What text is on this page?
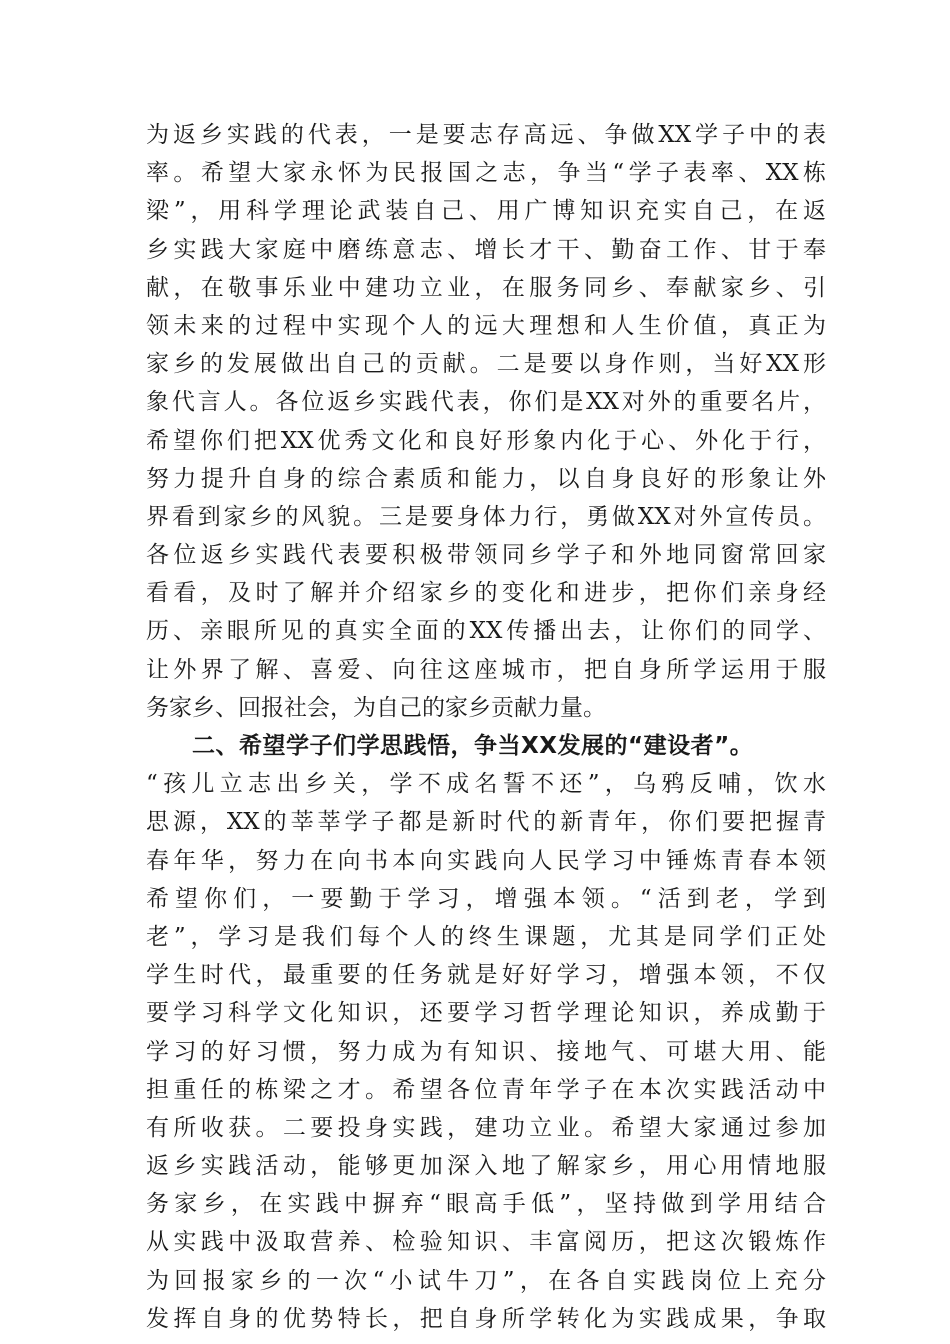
为返乡实践的代表，一是要志存高远、争做XX学子中的表
率。希望大家永怀为民报国之志，争当“学子表率、XX栋
梁”，用科学理论武装自己、用广博知识充实自己，在返
乡实践大家庭中磨练意志、增长才干、勤奋工作、甘于奉
献，在敬事乐业中建功立业，在服务同乡、奉献家乡、引
领未来的过程中实现个人的远大理想和人生价值，真正为
家乡的发展做出自己的贡献。二是要以身作则，当好XX形
象代言人。各位返乡实践代表，你们是XX对外的重要名片，
希望你们把XX优秀文化和良好形象内化于心、外化于行，
努力提升自身的综合素质和能力，以自身良好的形象让外
界看到家乡的风貌。三是要身体力行，勇做XX对外宣传员。
各位返乡实践代表要积极带领同乡学子和外地同窗常回家
看看，及时了解并介绍家乡的变化和进步，把你们亲身经
历、亲眼所见的真实全面的XX传播出去，让你们的同学、
让外界了解、喜爱、向往这座城市，把自身所学运用于服
务家乡、回报社会，为自己的家乡贡献力量。
二、希望学子们学思践悟，争当XX发展的“建设者”。
“孩儿立志出乡关，学不成名誓不还”，乌鸦反哺，饮水
思源，XX的莘莘学子都是新时代的新青年，你们要把握青
春年华，努力在向书本向实践向人民学习中锤炼青春本领
希望你们，一要勤于学习，增强本领。“活到老，学到
老”，学习是我们每个人的终生课题，尤其是同学们正处
学生时代，最重要的任务就是好好学习，增强本领，不仅
要学习科学文化知识，还要学习哲学理论知识，养成勤于
学习的好习惯，努力成为有知识、接地气、可堪大用、能
担重任的栋梁之才。希望各位青年学子在本次实践活动中
有所收获。二要投身实践，建功立业。希望大家通过参加
返乡实践活动，能够更加深入地了解家乡，用心用情地服
务家乡，在实践中摒弃“眼高手低”，坚持做到学用结合
从实践中汲取营养、检验知识、丰富阅历，把这次锻炼作
为回报家乡的一次“小试牛刀”，在各自实践岗位上充分
发挥自身的优势特长，把自身所学转化为实践成果，争取
